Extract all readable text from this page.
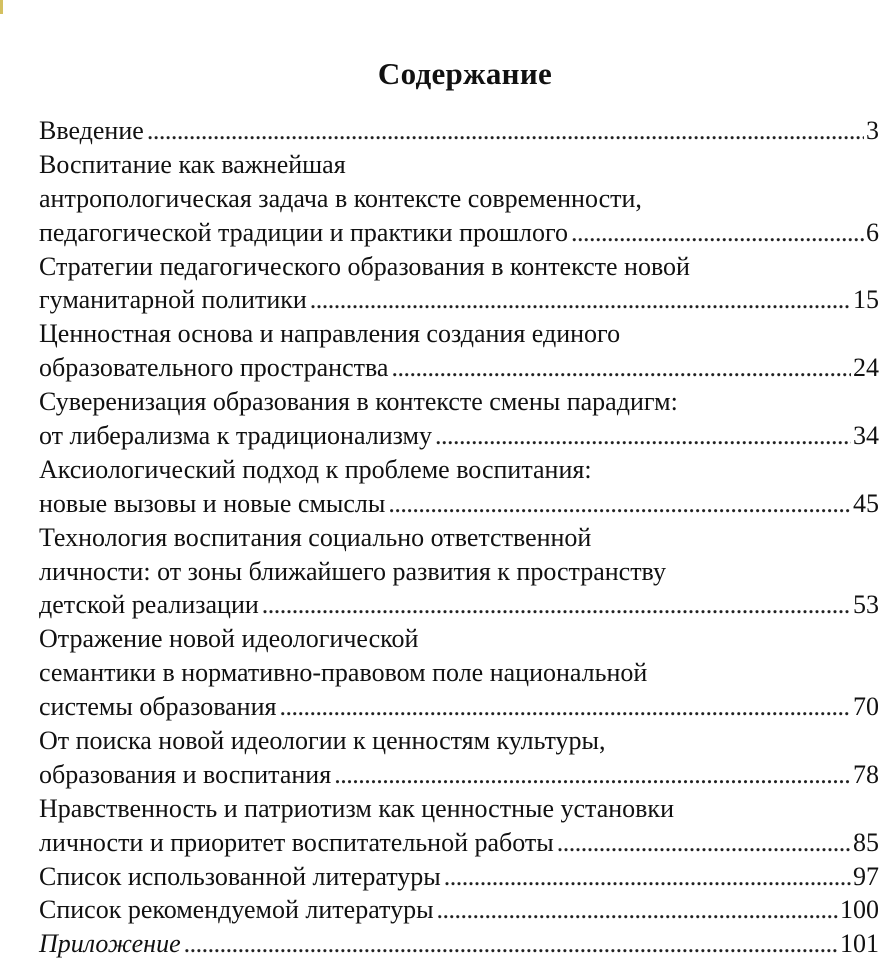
Содержание
Введение . . .	3
Воспитание как важнейшая
антропологическая задача в контексте современности,
педагогической традиции и практики прошлого . . .	6
Стратегии педагогического образования в контексте новой
гуманитарной политики . . .	15
Ценностная основа и направления создания единого
образовательного пространства . . .	24
Суверенизация образования в контексте смены парадигм:
от либерализма к традиционализму . . .	34
Аксиологический подход к проблеме воспитания:
новые вызовы и новые смыслы . . .	45
Технология воспитания социально ответственной
личности: от зоны ближайшего развития к пространству
детской реализации . . .	53
Отражение новой идеологической
семантики в нормативно-правовом поле национальной
системы образования . . .	70
От поиска новой идеологии к ценностям культуры,
образования и воспитания . . .	78
Нравственность и патриотизм как ценностные установки
личности и приоритет воспитательной работы . . .	85
Список использованной литературы . . .	97
Список рекомендуемой литературы . . .	100
Приложение . . .	101
